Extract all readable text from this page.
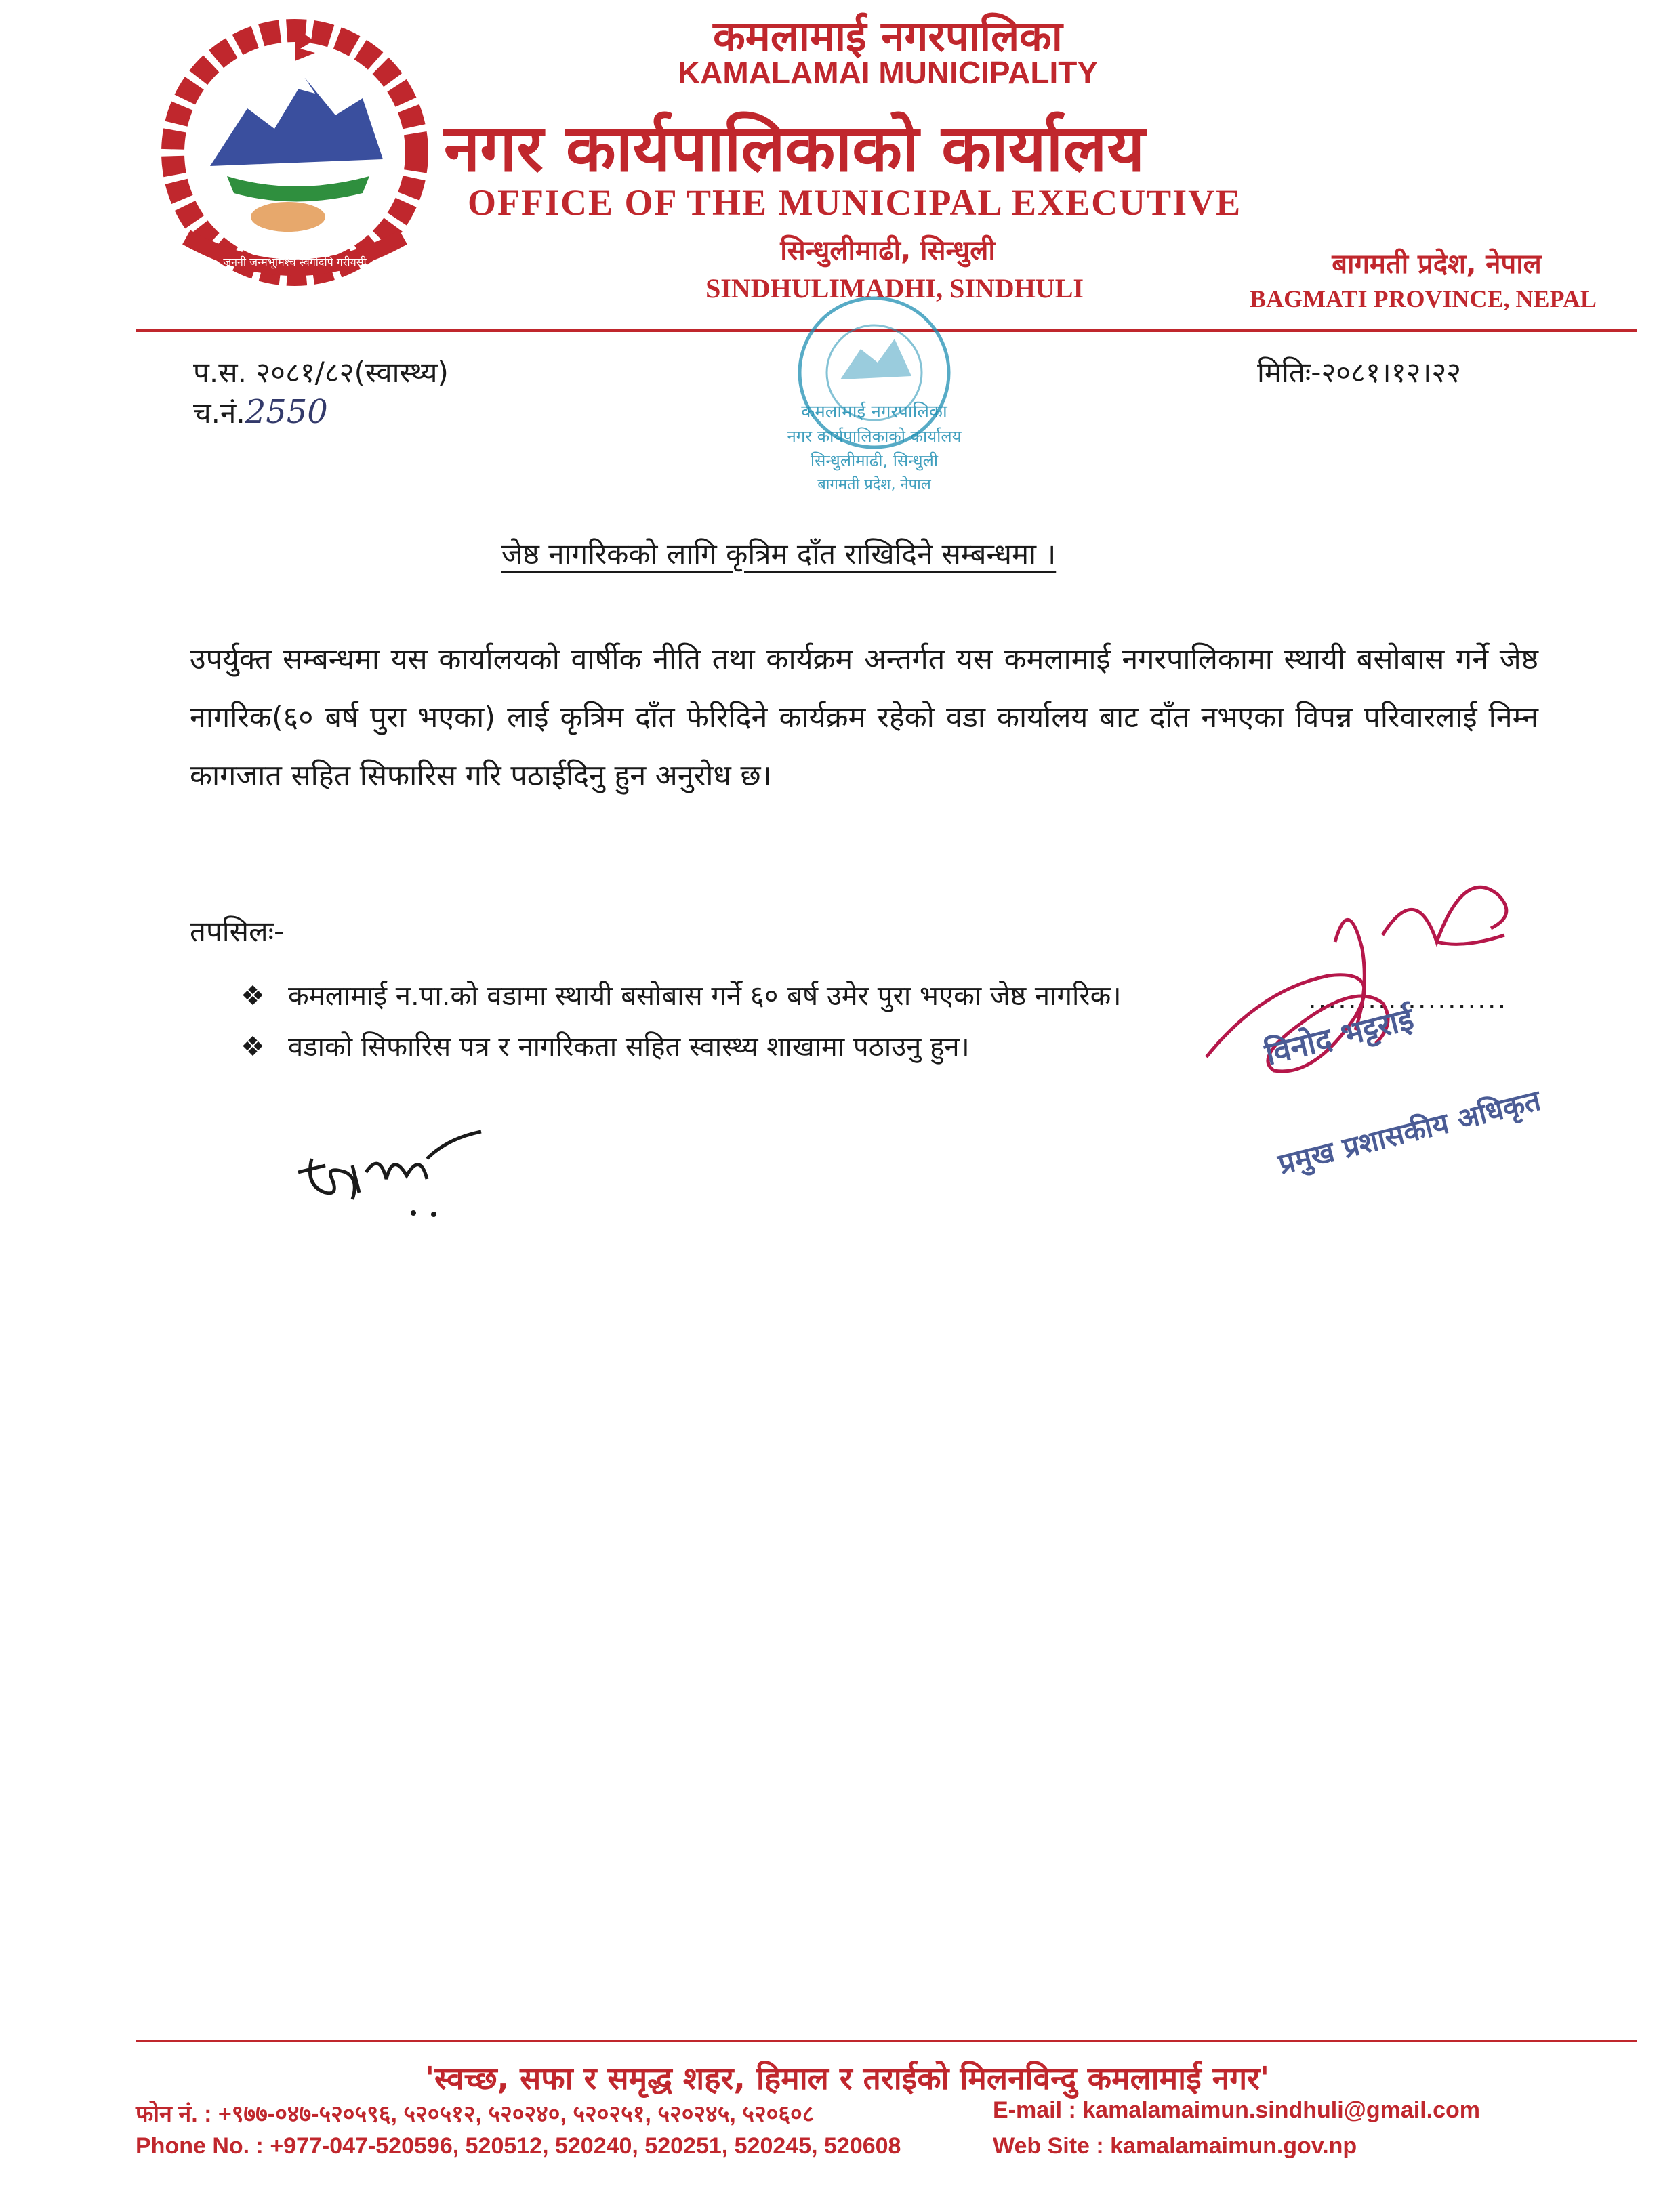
जननी जन्मभूमिश्च स्वर्गादपि गरीयसी
कमलामाई नगरपालिका
KAMALAMAI MUNICIPALITY
नगर कार्यपालिकाको कार्यालय
OFFICE OF THE MUNICIPAL EXECUTIVE
सिन्धुलीमाढी, सिन्धुली
SINDHULIMADHI, SINDHULI
बागमती प्रदेश, नेपाल
BAGMATI PROVINCE, NEPAL
कमलामाई नगरपालिका
नगर कार्यपालिकाको कार्यालय
सिन्धुलीमाढी, सिन्धुली
बागमती प्रदेश, नेपाल
प.स. २०८१/८२(स्वास्थ्य)
च.नं.2550
मितिः-२०८१।१२।२२
जेष्ठ नागरिकको लागि कृत्रिम दाँत राखिदिने सम्बन्धमा ।
उपर्युक्त सम्बन्धमा यस कार्यालयको वार्षीक नीति तथा कार्यक्रम अन्तर्गत यस कमलामाई नगरपालिकामा स्थायी बसोबास गर्ने जेष्ठ नागरिक(६० बर्ष पुरा भएका) लाई कृत्रिम दाँत फेरिदिने कार्यक्रम रहेको वडा कार्यालय बाट दाँत नभएका विपन्न परिवारलाई निम्न कागजात सहित सिफारिस गरि पठाईदिनु हुन अनुरोध छ।
तपसिलः-
❖ कमलामाई न.पा.को वडामा स्थायी बसोबास गर्ने ६० बर्ष उमेर पुरा भएका जेष्ठ नागरिक।
❖ वडाको सिफारिस पत्र र नागरिकता सहित स्वास्थ्य शाखामा पठाउनु हुन।
....................
विनोद भट्टराई
प्रमुख प्रशासकीय अधिकृत
'स्वच्छ, सफा र समृद्ध शहर, हिमाल र तराईको मिलनविन्दु कमलामाई नगर'
फोन नं. : +९७७-०४७-५२०५९६, ५२०५१२, ५२०२४०, ५२०२५१, ५२०२४५, ५२०६०८
Phone No. : +977-047-520596, 520512, 520240, 520251, 520245, 520608
E-mail : kamalamaimun.sindhuli@gmail.com
Web Site : kamalamaimun.gov.np
